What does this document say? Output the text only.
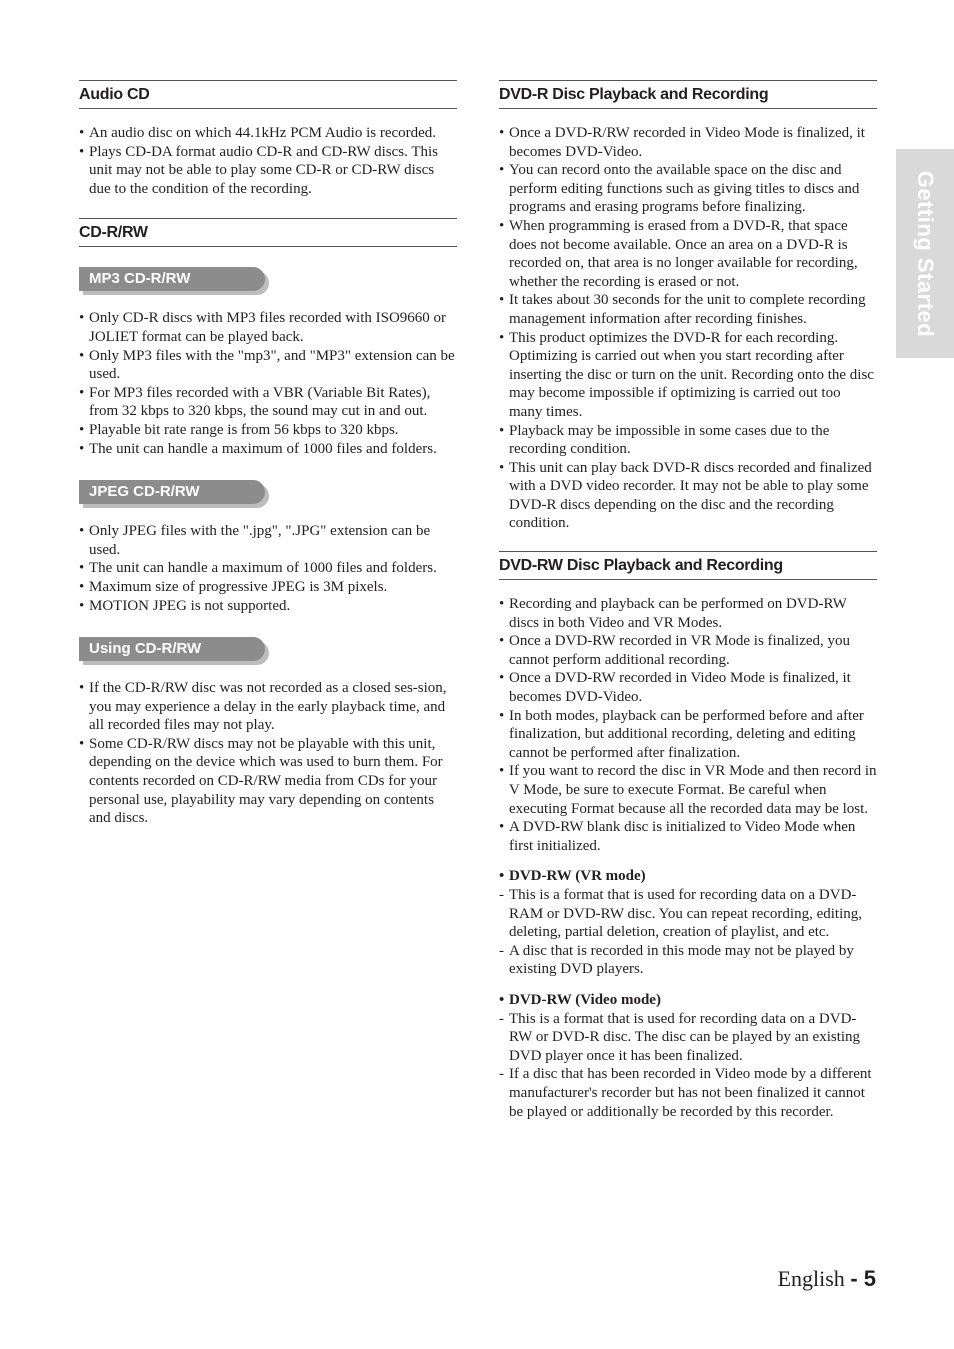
Audio CD
• An audio disc on which 44.1kHz PCM Audio is recorded.
• Plays CD-DA format audio CD-R and CD-RW discs. This unit may not be able to play some CD-R or CD-RW discs due to the condition of the recording.
CD-R/RW
MP3 CD-R/RW
• Only CD-R discs with MP3 files recorded with ISO9660 or JOLIET format can be played back.
• Only MP3 files with the "mp3", and "MP3" extension can be used.
• For MP3 files recorded with a VBR (Variable Bit Rates), from 32 kbps to 320 kbps, the sound may cut in and out.
• Playable bit rate range is from 56 kbps to 320 kbps.
• The unit can handle a maximum of 1000 files and folders.
JPEG CD-R/RW
• Only JPEG files with the ".jpg", ".JPG" extension can be used.
• The unit can handle a maximum of 1000 files and folders.
• Maximum size of progressive JPEG is 3M pixels.
• MOTION JPEG is not supported.
Using CD-R/RW
• If the CD-R/RW disc was not recorded as a closed ses-sion, you may experience a delay in the early playback time, and all recorded files may not play.
• Some CD-R/RW discs may not be playable with this unit, depending on the device which was used to burn them. For contents recorded on CD-R/RW media from CDs for your personal use, playability may vary depending on contents and discs.
DVD-R Disc Playback and Recording
• Once a DVD-R/RW recorded in Video Mode is finalized, it becomes DVD-Video.
• You can record onto the available space on the disc and perform editing functions such as giving titles to discs and programs and erasing programs before finalizing.
• When programming is erased from a DVD-R, that space does not become available. Once an area on a DVD-R is recorded on, that area is no longer available for recording, whether the recording is erased or not.
• It takes about 30 seconds for the unit to complete recording management information after recording finishes.
• This product optimizes the DVD-R for each recording. Optimizing is carried out when you start recording after inserting the disc or turn on the unit. Recording onto the disc may become impossible if optimizing is carried out too many times.
• Playback may be impossible in some cases due to the recording condition.
• This unit can play back DVD-R discs recorded and finalized with a DVD video recorder. It may not be able to play some DVD-R discs depending on the disc and the recording condition.
DVD-RW Disc Playback and Recording
• Recording and playback can be performed on DVD-RW discs in both Video and VR Modes.
• Once a DVD-RW recorded in VR Mode is finalized, you cannot perform additional recording.
• Once a DVD-RW recorded in Video Mode is finalized, it becomes DVD-Video.
• In both modes, playback can be performed before and after finalization, but additional recording, deleting and editing cannot be performed after finalization.
• If you want to record the disc in VR Mode and then record in V Mode, be sure to execute Format. Be careful when executing Format because all the recorded data may be lost.
• A DVD-RW blank disc is initialized to Video Mode when first initialized.
• DVD-RW (VR mode)
- This is a format that is used for recording data on a DVD-RAM or DVD-RW disc. You can repeat recording, editing, deleting, partial deletion, creation of playlist, and etc.
- A disc that is recorded in this mode may not be played by existing DVD players.
• DVD-RW (Video mode)
- This is a format that is used for recording data on a DVD-RW or DVD-R disc. The disc can be played by an existing DVD player once it has been finalized.
- If a disc that has been recorded in Video mode by a different manufacturer's recorder but has not been finalized it cannot be played or additionally be recorded by this recorder.
Getting Started
English - 5
